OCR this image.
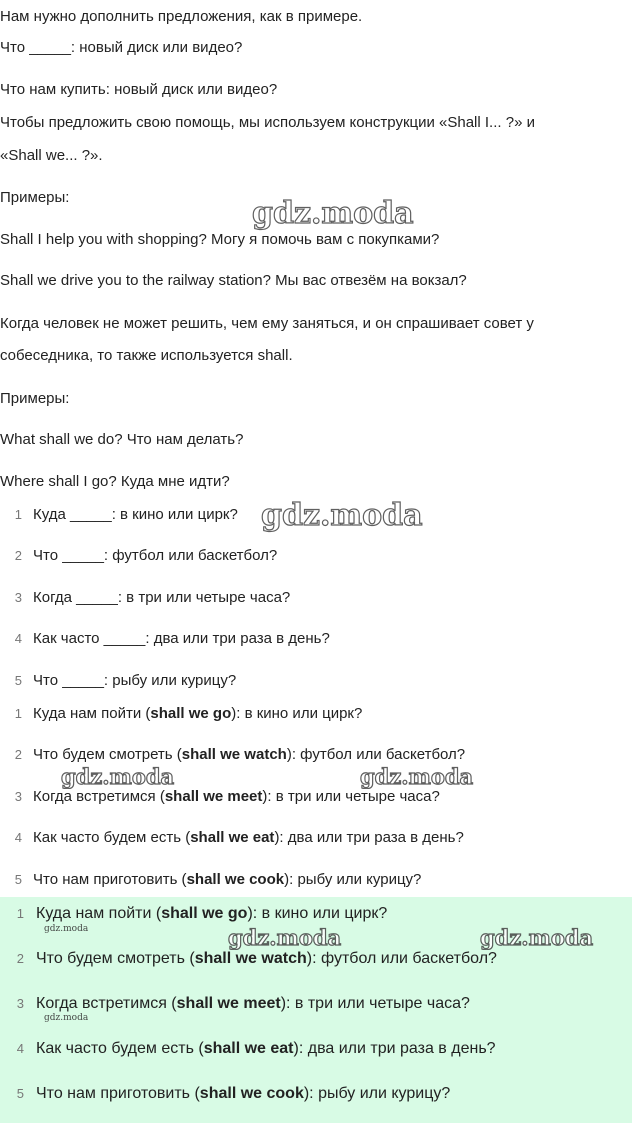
Нам нужно дополнить предложения, как в примере.
Что _____: новый диск или видео?
Что нам купить: новый диск или видео?
Чтобы предложить свою помощь, мы используем конструкции «Shall I... ?» и
«Shall we... ?».
Примеры:
Shall I help you with shopping? Могу я помочь вам с покупками?
Shall we drive you to the railway station? Мы вас отвезём на вокзал?
Когда человек не может решить, чем ему заняться, и он спрашивает совет у
собеседника, то также используется shall.
Примеры:
What shall we do? Что нам делать?
Where shall I go? Куда мне идти?
1 Куда _____: в кино или цирк?
2 Что _____: футбол или баскетбол?
3 Когда _____: в три или четыре часа?
4 Как часто _____: два или три раза в день?
5 Что _____: рыбу или курицу?
1 Куда нам пойти (shall we go): в кино или цирк?
2 Что будем смотреть (shall we watch): футбол или баскетбол?
3 Когда встретимся (shall we meet): в три или четыре часа?
4 Как часто будем есть (shall we eat): два или три раза в день?
5 Что нам приготовить (shall we cook): рыбу или курицу?
1 Куда нам пойти (shall we go): в кино или цирк?
2 Что будем смотреть (shall we watch): футбол или баскетбол?
3 Когда встретимся (shall we meet): в три или четыре часа?
4 Как часто будем есть (shall we eat): два или три раза в день?
5 Что нам приготовить (shall we cook): рыбу или курицу?
gdz.moda
gdz.moda
gdz.moda	gdz.moda
gdz.moda	gdz.moda
gdz.moda
gdz.moda
